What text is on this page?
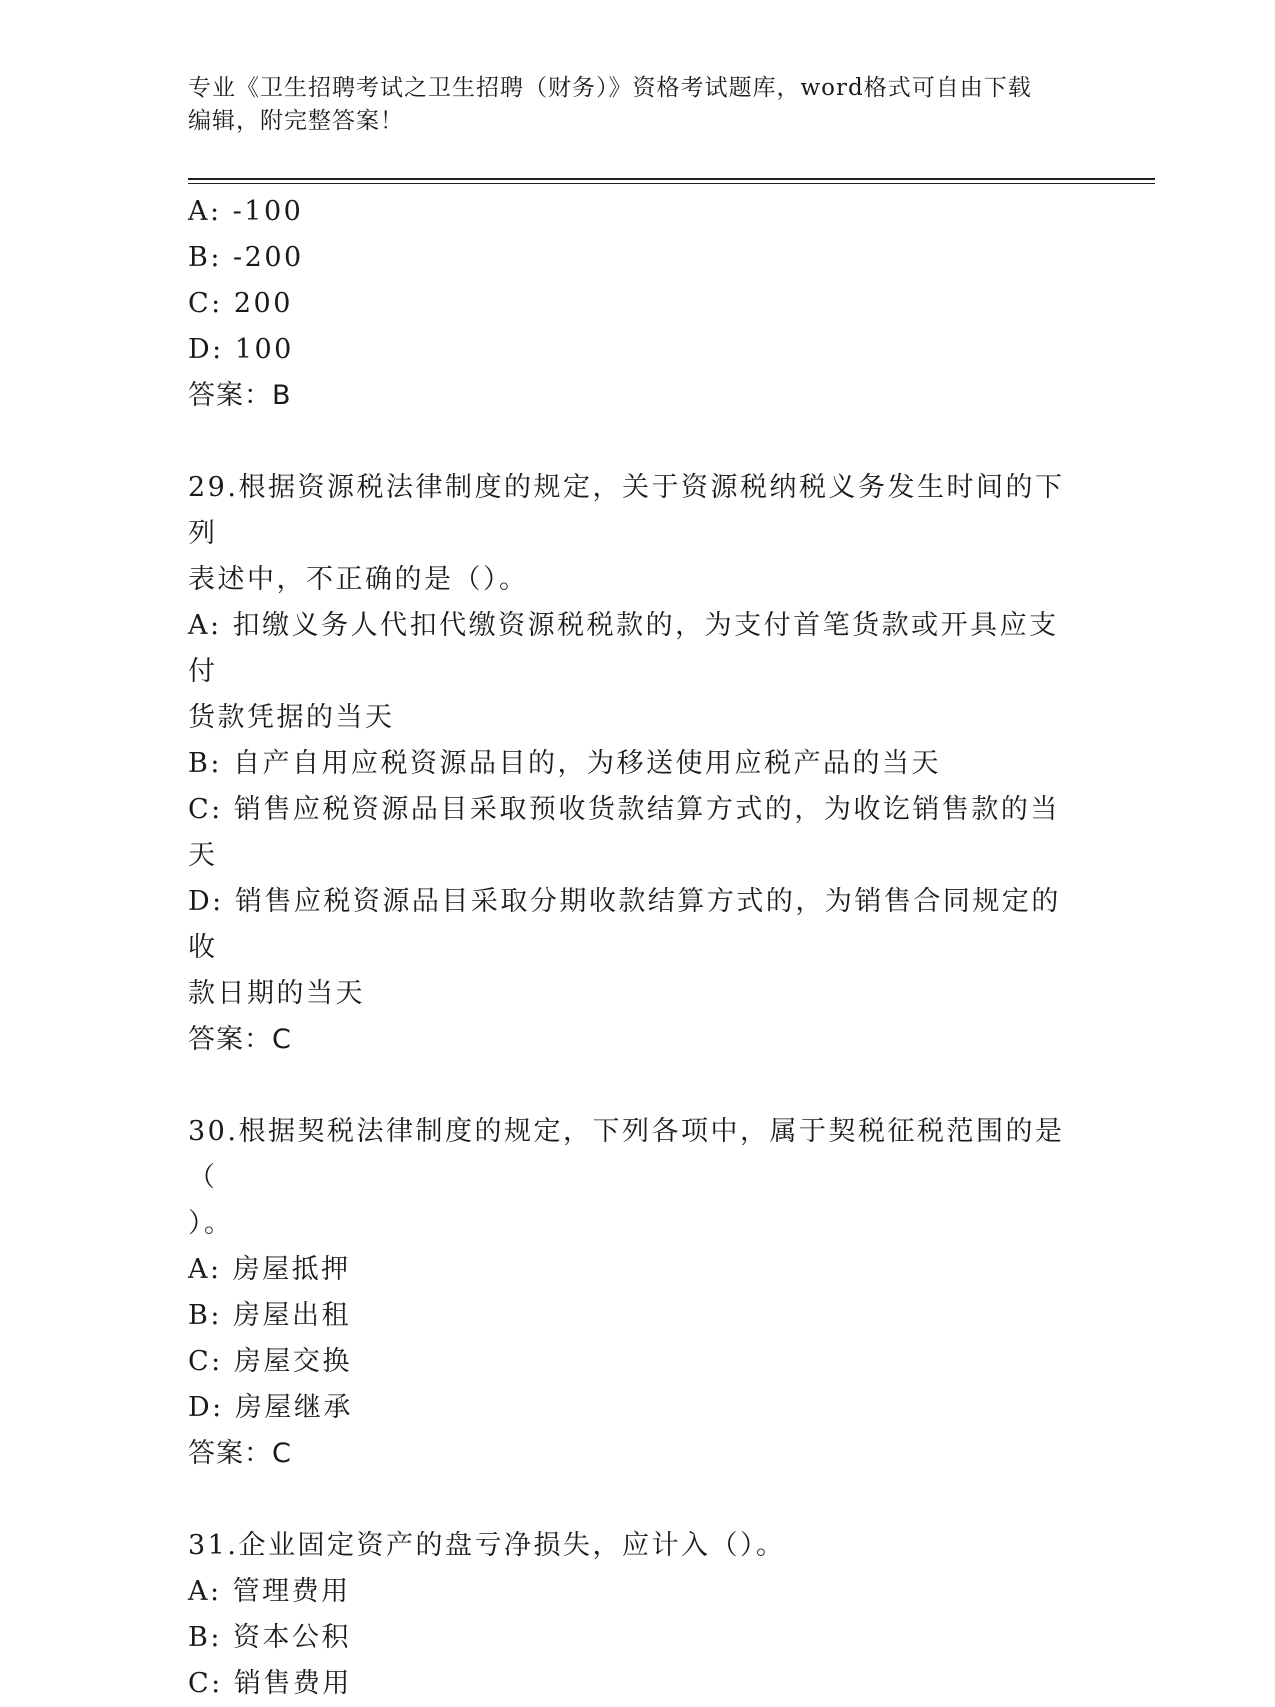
专业《卫生招聘考试之卫生招聘（财务）》资格考试题库，word格式可自由下载
编辑，附完整答案！
A: -100
B: -200
C: 200
D: 100
答案：B
29.根据资源税法律制度的规定，关于资源税纳税义务发生时间的下列
表述中，不正确的是（）。
A: 扣缴义务人代扣代缴资源税税款的，为支付首笔货款或开具应支付
货款凭据的当天
B: 自产自用应税资源品目的，为移送使用应税产品的当天
C: 销售应税资源品目采取预收货款结算方式的，为收讫销售款的当天
D: 销售应税资源品目采取分期收款结算方式的，为销售合同规定的收
款日期的当天
答案：C
30.根据契税法律制度的规定，下列各项中，属于契税征税范围的是（
）。
A: 房屋抵押
B: 房屋出租
C: 房屋交换
D: 房屋继承
答案：C
31.企业固定资产的盘亏净损失，应计入（）。
A: 管理费用
B: 资本公积
C: 销售费用
